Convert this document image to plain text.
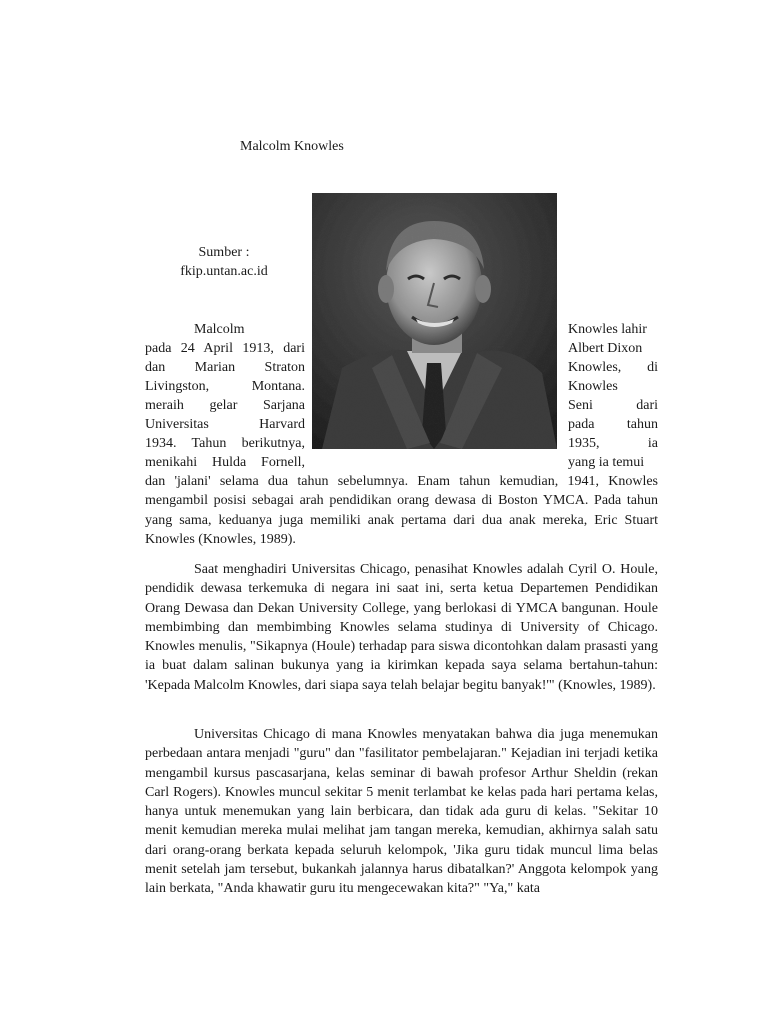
Malcolm Knowles
Sumber :
fkip.untan.ac.id
Malcolm
pada 24 April 1913, dari
dan Marian Straton
Livingston, Montana.
meraih gelar Sarjana
Universitas Harvard
1934. Tahun berikutnya,
menikahi Hulda Fornell,
Knowles lahir
Albert Dixon
Knowles, di
Knowles
Seni dari
pada tahun
1935, ia
yang ia temui
dan 'jalani' selama dua tahun sebelumnya. Enam tahun kemudian, 1941, Knowles mengambil posisi sebagai arah pendidikan orang dewasa di Boston YMCA. Pada tahun yang sama, keduanya juga memiliki anak pertama dari dua anak mereka, Eric Stuart Knowles (Knowles, 1989).
Saat menghadiri Universitas Chicago, penasihat Knowles adalah Cyril O. Houle, pendidik dewasa terkemuka di negara ini saat ini, serta ketua Departemen Pendidikan Orang Dewasa dan Dekan University College, yang berlokasi di YMCA bangunan. Houle membimbing dan membimbing Knowles selama studinya di University of Chicago. Knowles menulis, "Sikapnya (Houle) terhadap para siswa dicontohkan dalam prasasti yang ia buat dalam salinan bukunya yang ia kirimkan kepada saya selama bertahun-tahun: 'Kepada Malcolm Knowles, dari siapa saya telah belajar begitu banyak!'" (Knowles, 1989).
Universitas Chicago di mana Knowles menyatakan bahwa dia juga menemukan perbedaan antara menjadi "guru" dan "fasilitator pembelajaran." Kejadian ini terjadi ketika mengambil kursus pascasarjana, kelas seminar di bawah profesor Arthur Sheldin (rekan Carl Rogers). Knowles muncul sekitar 5 menit terlambat ke kelas pada hari pertama kelas, hanya untuk menemukan yang lain berbicara, dan tidak ada guru di kelas. "Sekitar 10 menit kemudian mereka mulai melihat jam tangan mereka, kemudian, akhirnya salah satu dari orang-orang berkata kepada seluruh kelompok, 'Jika guru tidak muncul lima belas menit setelah jam tersebut, bukankah jalannya harus dibatalkan?' Anggota kelompok yang lain berkata, "Anda khawatir guru itu mengecewakan kita?" "Ya," kata
